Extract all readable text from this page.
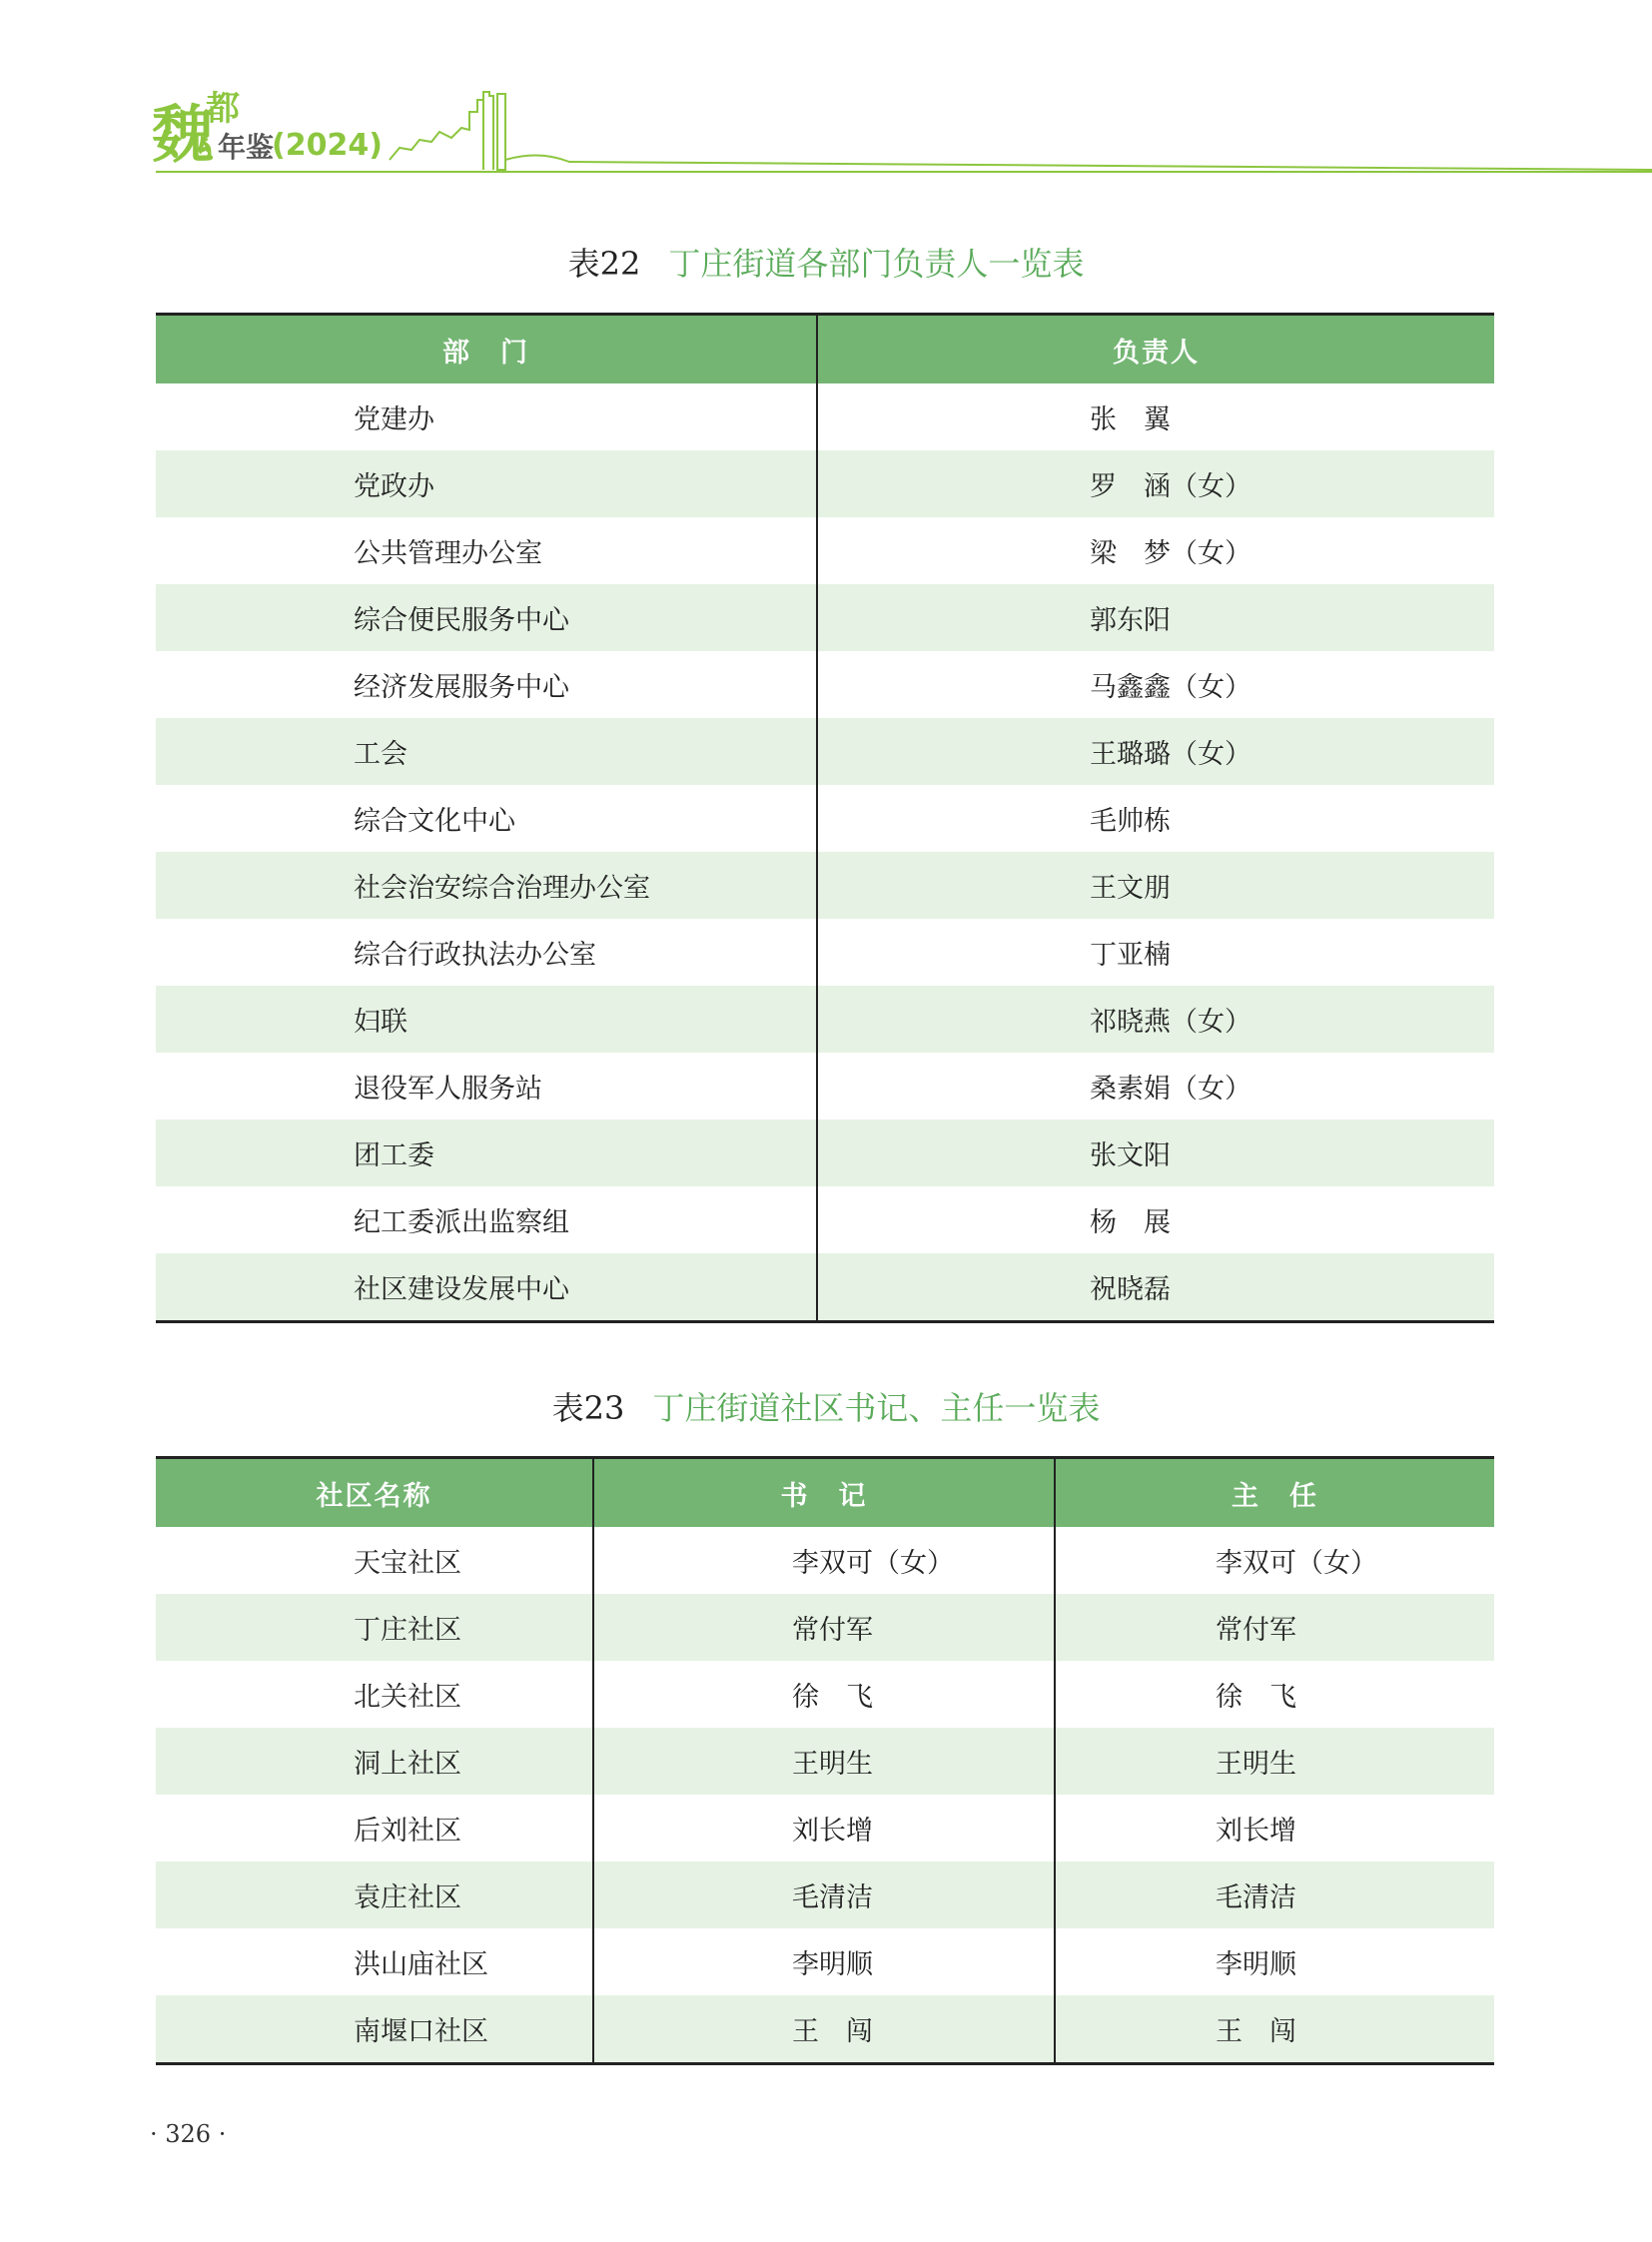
魏
都
年鉴
(2024)
表22 丁庄街道各部门负责人一览表
部　门	负责人
党建办	张　翼
党政办	罗　涵（女）
公共管理办公室	梁　梦（女）
综合便民服务中心	郭东阳
经济发展服务中心	马鑫鑫（女）
工会	王璐璐（女）
综合文化中心	毛帅栋
社会治安综合治理办公室	王文朋
综合行政执法办公室	丁亚楠
妇联	祁晓燕（女）
退役军人服务站	桑素娟（女）
团工委	张文阳
纪工委派出监察组	杨　展
社区建设发展中心	祝晓磊
表23 丁庄街道社区书记、主任一览表
社区名称	书　记	主　任
天宝社区	李双可（女）	李双可（女）
丁庄社区	常付军	常付军
北关社区	徐　飞	徐　飞
洞上社区	王明生	王明生
后刘社区	刘长增	刘长增
袁庄社区	毛清洁	毛清洁
洪山庙社区	李明顺	李明顺
南堰口社区	王　闯	王　闯
· 326 ·
